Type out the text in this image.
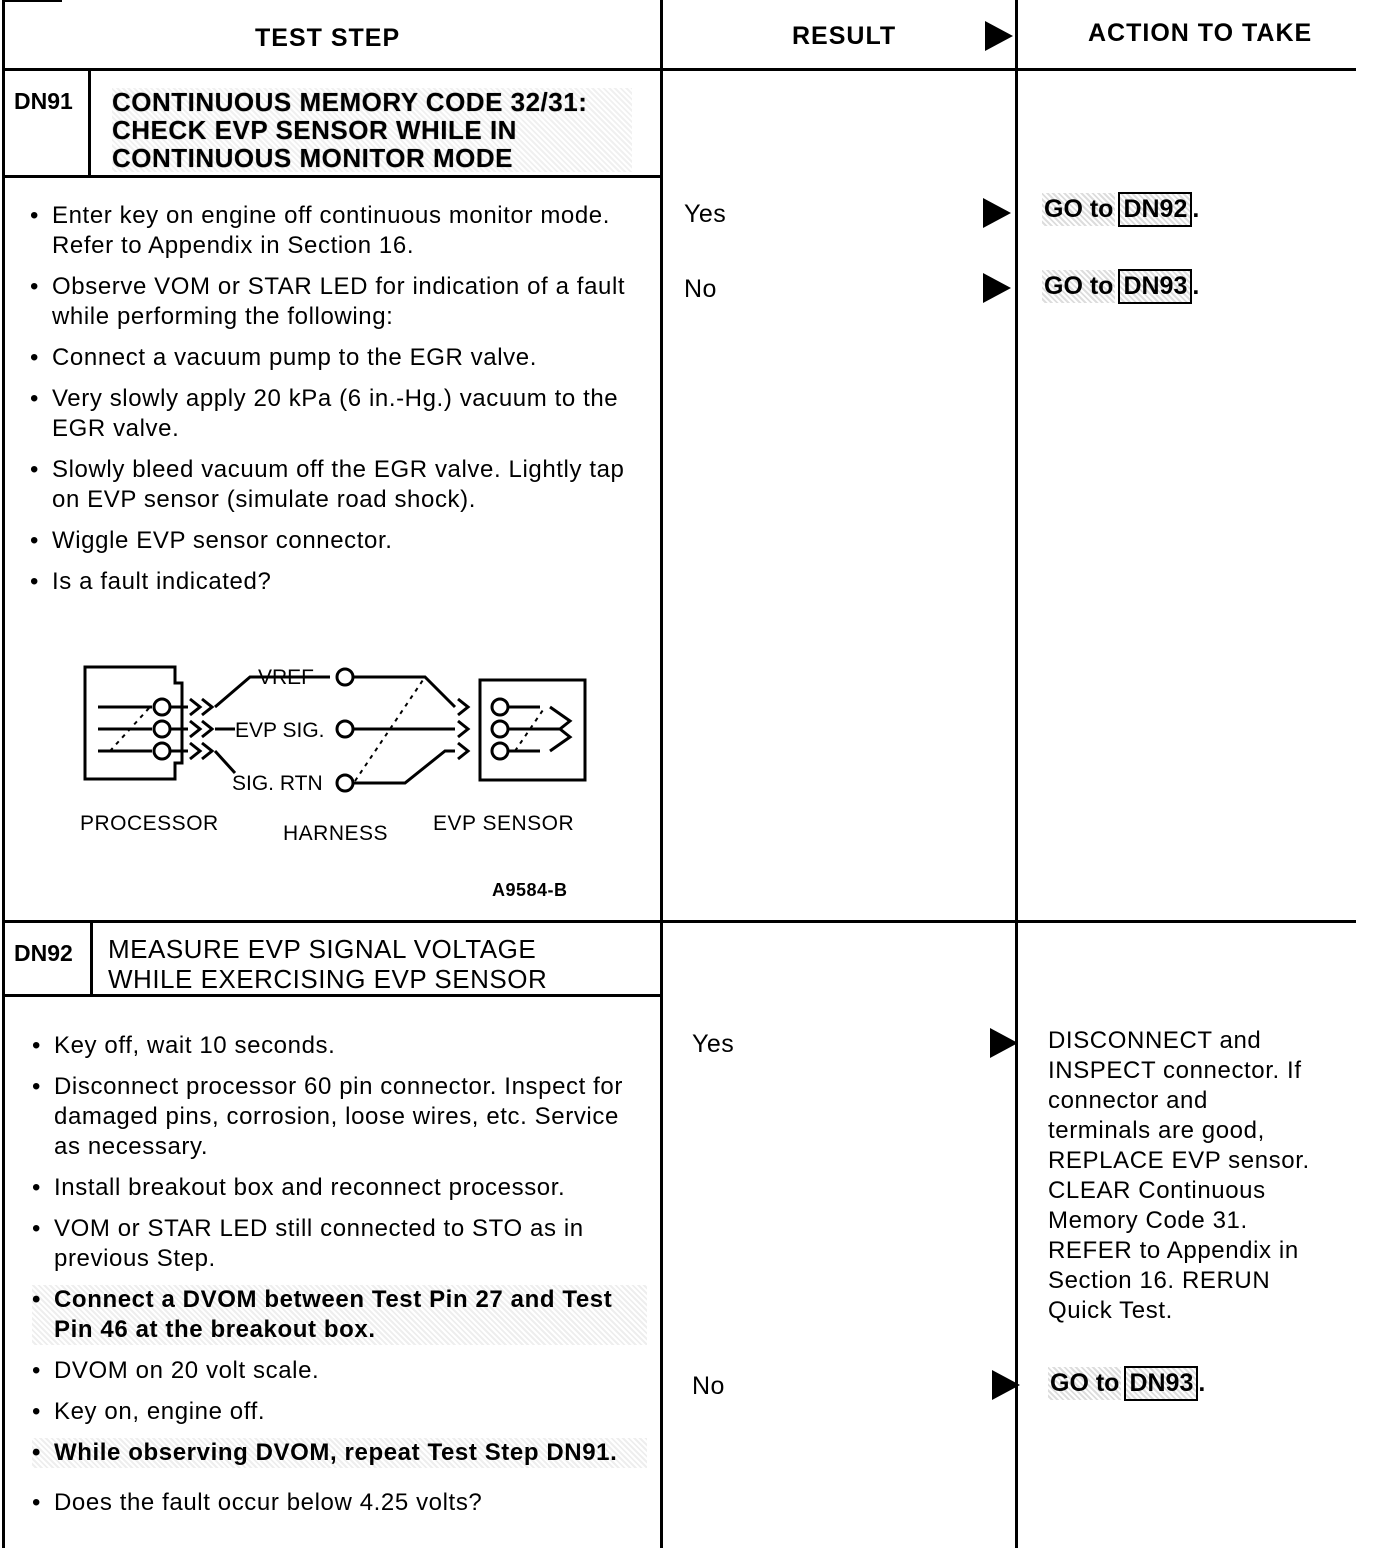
TEST STEP	RESULT	ACTION TO TAKE
DN91 CONTINUOUS MEMORY CODE 32/31:
CHECK EVP SENSOR WHILE IN
CONTINUOUS MONITOR MODE
• Enter key on engine off continuous monitor mode. Refer to Appendix in Section 16.
• Observe VOM or STAR LED for indication of a fault while performing the following:
• Connect a vacuum pump to the EGR valve.
• Very slowly apply 20 kPa (6 in.-Hg.) vacuum to the EGR valve.
• Slowly bleed vacuum off the EGR valve. Lightly tap on EVP sensor (simulate road shock).
• Wiggle EVP sensor connector.
• Is a fault indicated?
Yes	GO to DN92 .
No	GO to DN93 .
VREF
EVP SIG.
SIG. RTN
PROCESSOR	HARNESS EVP SENSOR
A9584-B
DN92 MEASURE EVP SIGNAL VOLTAGE
WHILE EXERCISING EVP SENSOR
• Key off, wait 10 seconds.
• Disconnect processor 60 pin connector. Inspect for damaged pins, corrosion, loose wires, etc. Service as necessary.
• Install breakout box and reconnect processor.
• VOM or STAR LED still connected to STO as in previous Step.
• Connect a DVOM between Test Pin 27 and Test Pin 46 at the breakout box.
• DVOM on 20 volt scale.
• Key on, engine off.
• While observing DVOM, repeat Test Step DN91.
• Does the fault occur below 4.25 volts?
Yes	DISCONNECT and
INSPECT connector. If
connector and
terminals are good,
REPLACE EVP sensor.
CLEAR Continuous
Memory Code 31.
REFER to Appendix in
Section 16. RERUN
Quick Test.
No	GO to DN93 .
